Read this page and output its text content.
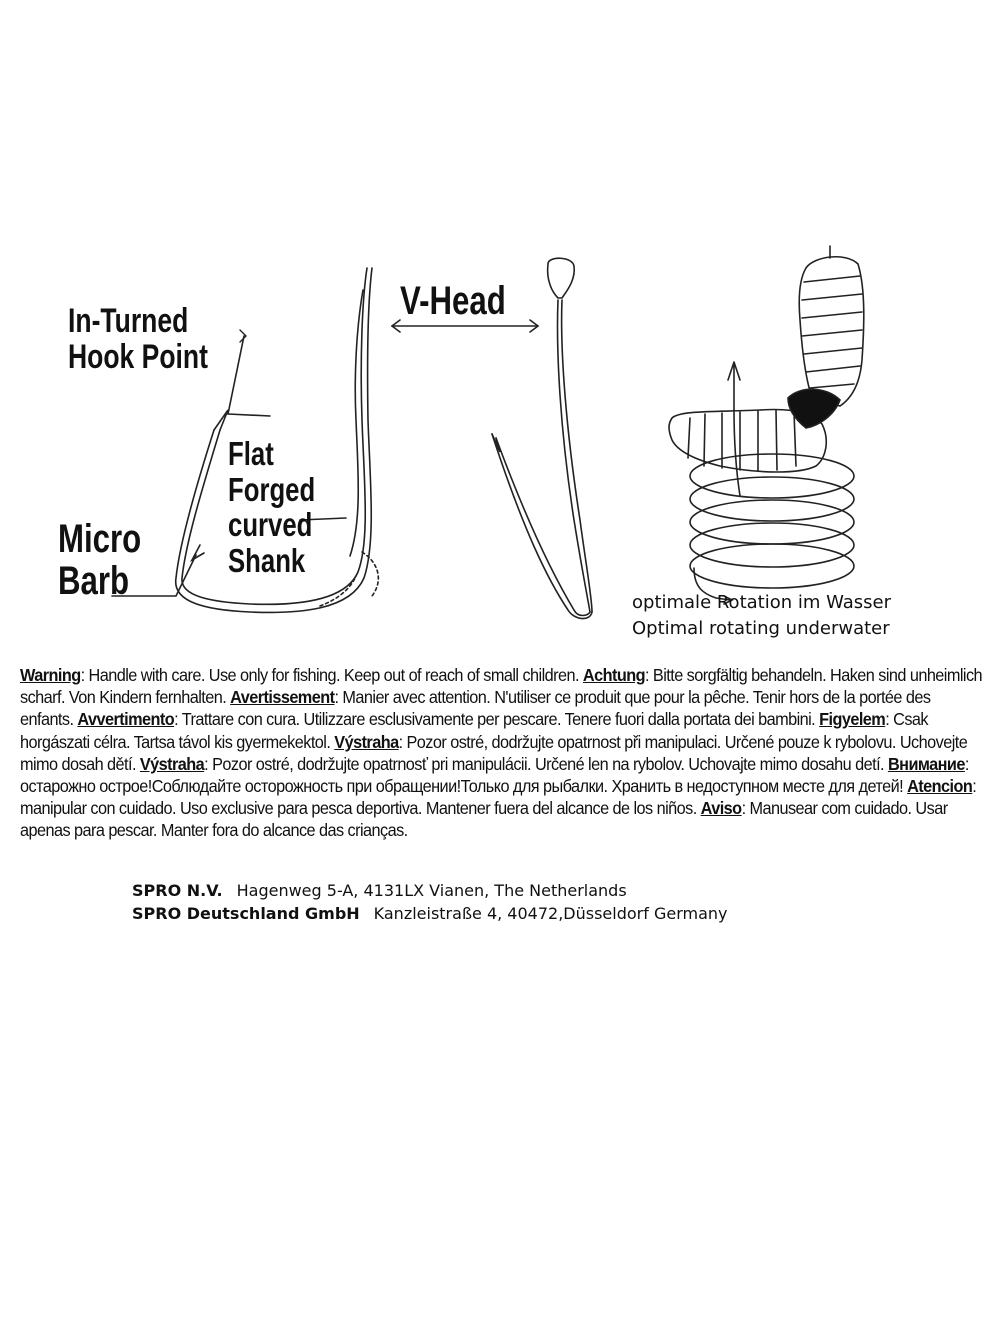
In-Turned
Hook Point
Micro
Barb
Flat
Forged
curved
Shank
V-Head
optimale Rotation im Wasser
Optimal rotating underwater
Warning: Handle with care. Use only for fishing. Keep out of reach of small children. Achtung: Bitte sorgfältig behandeln. Haken sind unheimlich scharf. Von Kindern fernhalten. Avertissement: Manier avec attention. N'utiliser ce produit que pour la pêche. Tenir hors de la portée des enfants. Avvertimento: Trattare con cura. Utilizzare esclusivamente per pescare. Tenere fuori dalla portata dei bambini. Figyelem: Csak horgászati célra. Tartsa távol kis gyermekektol. Výstraha: Pozor ostré, dodržujte opatrnost při manipulaci. Určené pouze k rybolovu. Uchovejte mimo dosah dětí. Výstraha: Pozor ostré, dodržujte opatrnosť pri manipulácii. Určené len na rybolov. Uchovajte mimo dosahu detí. Внимание: остарожно острое!Соблюдайте осторожность при обращении!Только для рыбалки. Хранить в недоступном месте для детей! Atencion: manipular con cuidado. Uso exclusive para pesca deportiva. Mantener fuera del alcance de los niños. Aviso: Manusear com cuidado. Usar apenas para pescar. Manter fora do alcance das crianças.
SPRO N.V. Hagenweg 5-A, 4131LX Vianen, The Netherlands
SPRO Deutschland GmbH Kanzleistraße 4, 40472,Düsseldorf Germany
